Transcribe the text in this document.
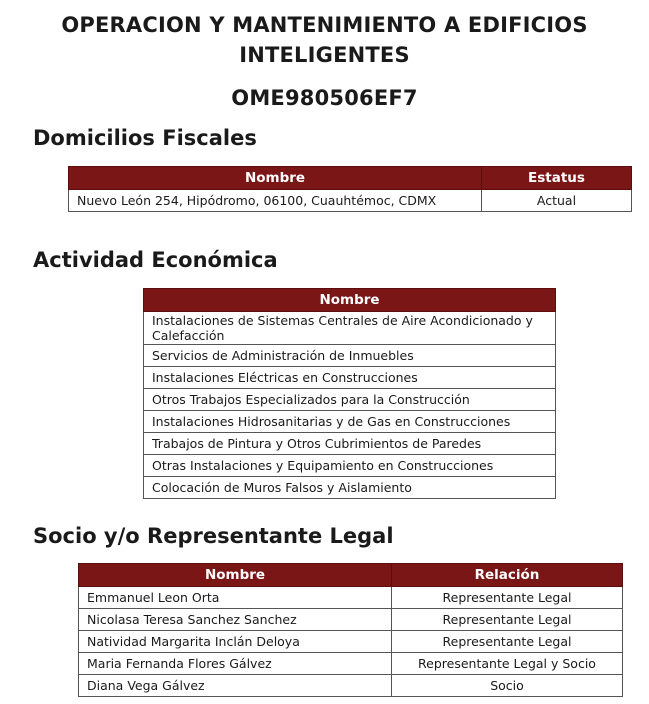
OPERACION Y MANTENIMIENTO A EDIFICIOS
INTELIGENTES
OME980506EF7
Domicilios Fiscales
Nombre	Estatus
Nuevo León 254, Hipódromo, 06100, Cuauhtémoc, CDMX	Actual
Actividad Económica
Nombre
Instalaciones de Sistemas Centrales de Aire Acondicionado y Calefacción
Servicios de Administración de Inmuebles
Instalaciones Eléctricas en Construcciones
Otros Trabajos Especializados para la Construcción
Instalaciones Hidrosanitarias y de Gas en Construcciones
Trabajos de Pintura y Otros Cubrimientos de Paredes
Otras Instalaciones y Equipamiento en Construcciones
Colocación de Muros Falsos y Aislamiento
Socio y/o Representante Legal
Nombre	Relación
Emmanuel Leon Orta	Representante Legal
Nicolasa Teresa Sanchez Sanchez	Representante Legal
Natividad Margarita Inclán Deloya	Representante Legal
Maria Fernanda Flores Gálvez	Representante Legal y Socio
Diana Vega Gálvez	Socio
